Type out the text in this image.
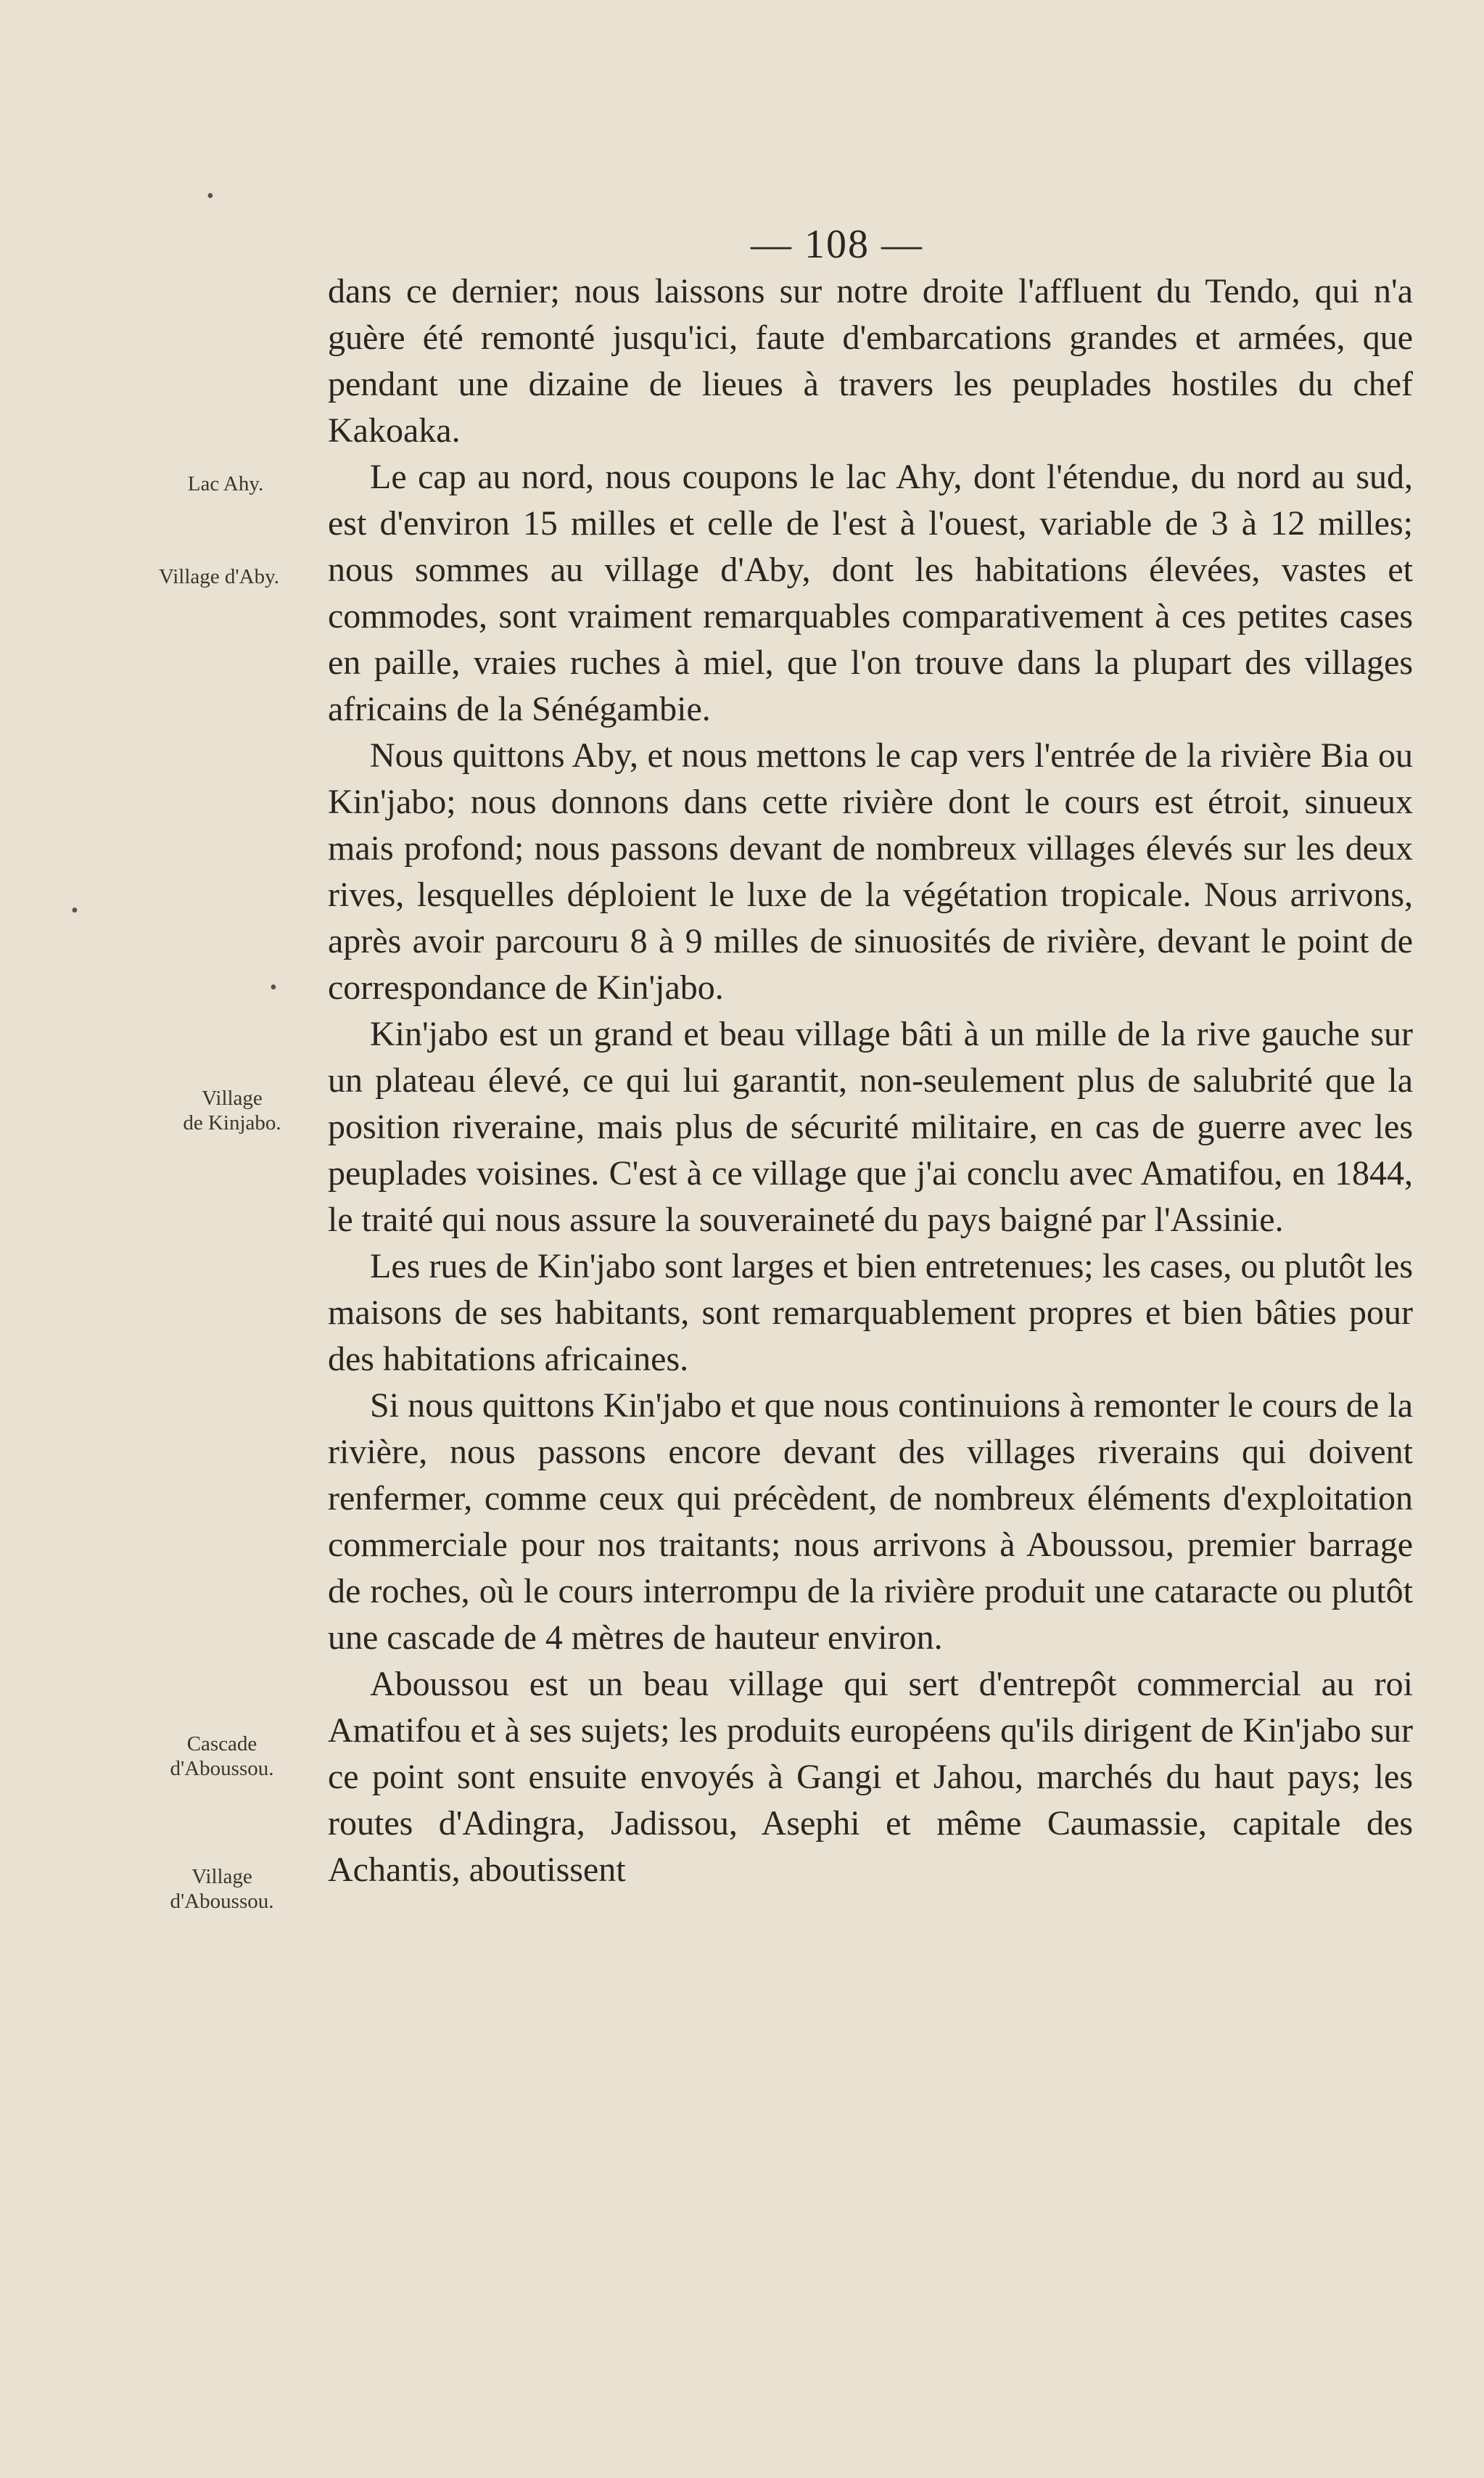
— 108 —
Lac Ahy.
Village d'Aby.
Village
de Kinjabo.
Cascade
d'Aboussou.
Village
d'Aboussou.
•
•
•

dans ce dernier; nous laissons sur notre droite l'affluent du Tendo, qui n'a guère été remonté jusqu'ici, faute d'embarcations grandes et armées, que pendant une dizaine de lieues à travers les peuplades hostiles du chef Kakoaka.

Le cap au nord, nous coupons le lac Ahy, dont l'étendue, du nord au sud, est d'environ 15 milles et celle de l'est à l'ouest, variable de 3 à 12 milles; nous sommes au village d'Aby, dont les habitations élevées, vastes et commodes, sont vraiment remarquables comparativement à ces petites cases en paille, vraies ruches à miel, que l'on trouve dans la plupart des villages africains de la Sénégambie.

Nous quittons Aby, et nous mettons le cap vers l'entrée de la rivière Bia ou Kin'jabo; nous donnons dans cette rivière dont le cours est étroit, sinueux mais profond; nous passons devant de nombreux villages élevés sur les deux rives, lesquelles déploient le luxe de la végétation tropicale. Nous arrivons, après avoir parcouru 8 à 9 milles de sinuosités de rivière, devant le point de correspondance de Kin'jabo.

Kin'jabo est un grand et beau village bâti à un mille de la rive gauche sur un plateau élevé, ce qui lui garantit, non-seulement plus de salubrité que la position riveraine, mais plus de sécurité militaire, en cas de guerre avec les peuplades voisines. C'est à ce village que j'ai conclu avec Amatifou, en 1844, le traité qui nous assure la souveraineté du pays baigné par l'Assinie.

Les rues de Kin'jabo sont larges et bien entretenues; les cases, ou plutôt les maisons de ses habitants, sont remarquablement propres et bien bâties pour des habitations africaines.

Si nous quittons Kin'jabo et que nous continuions à remonter le cours de la rivière, nous passons encore devant des villages riverains qui doivent renfermer, comme ceux qui précèdent, de nombreux éléments d'exploitation commerciale pour nos traitants; nous arrivons à Aboussou, premier barrage de roches, où le cours interrompu de la rivière produit une cataracte ou plutôt une cascade de 4 mètres de hauteur environ.

Aboussou est un beau village qui sert d'entrepôt commercial au roi Amatifou et à ses sujets; les produits européens qu'ils dirigent de Kin'jabo sur ce point sont ensuite envoyés à Gangi et Jahou, marchés du haut pays; les routes d'Adingra, Jadissou, Asephi et même Caumassie, capitale des Achantis, aboutissent
